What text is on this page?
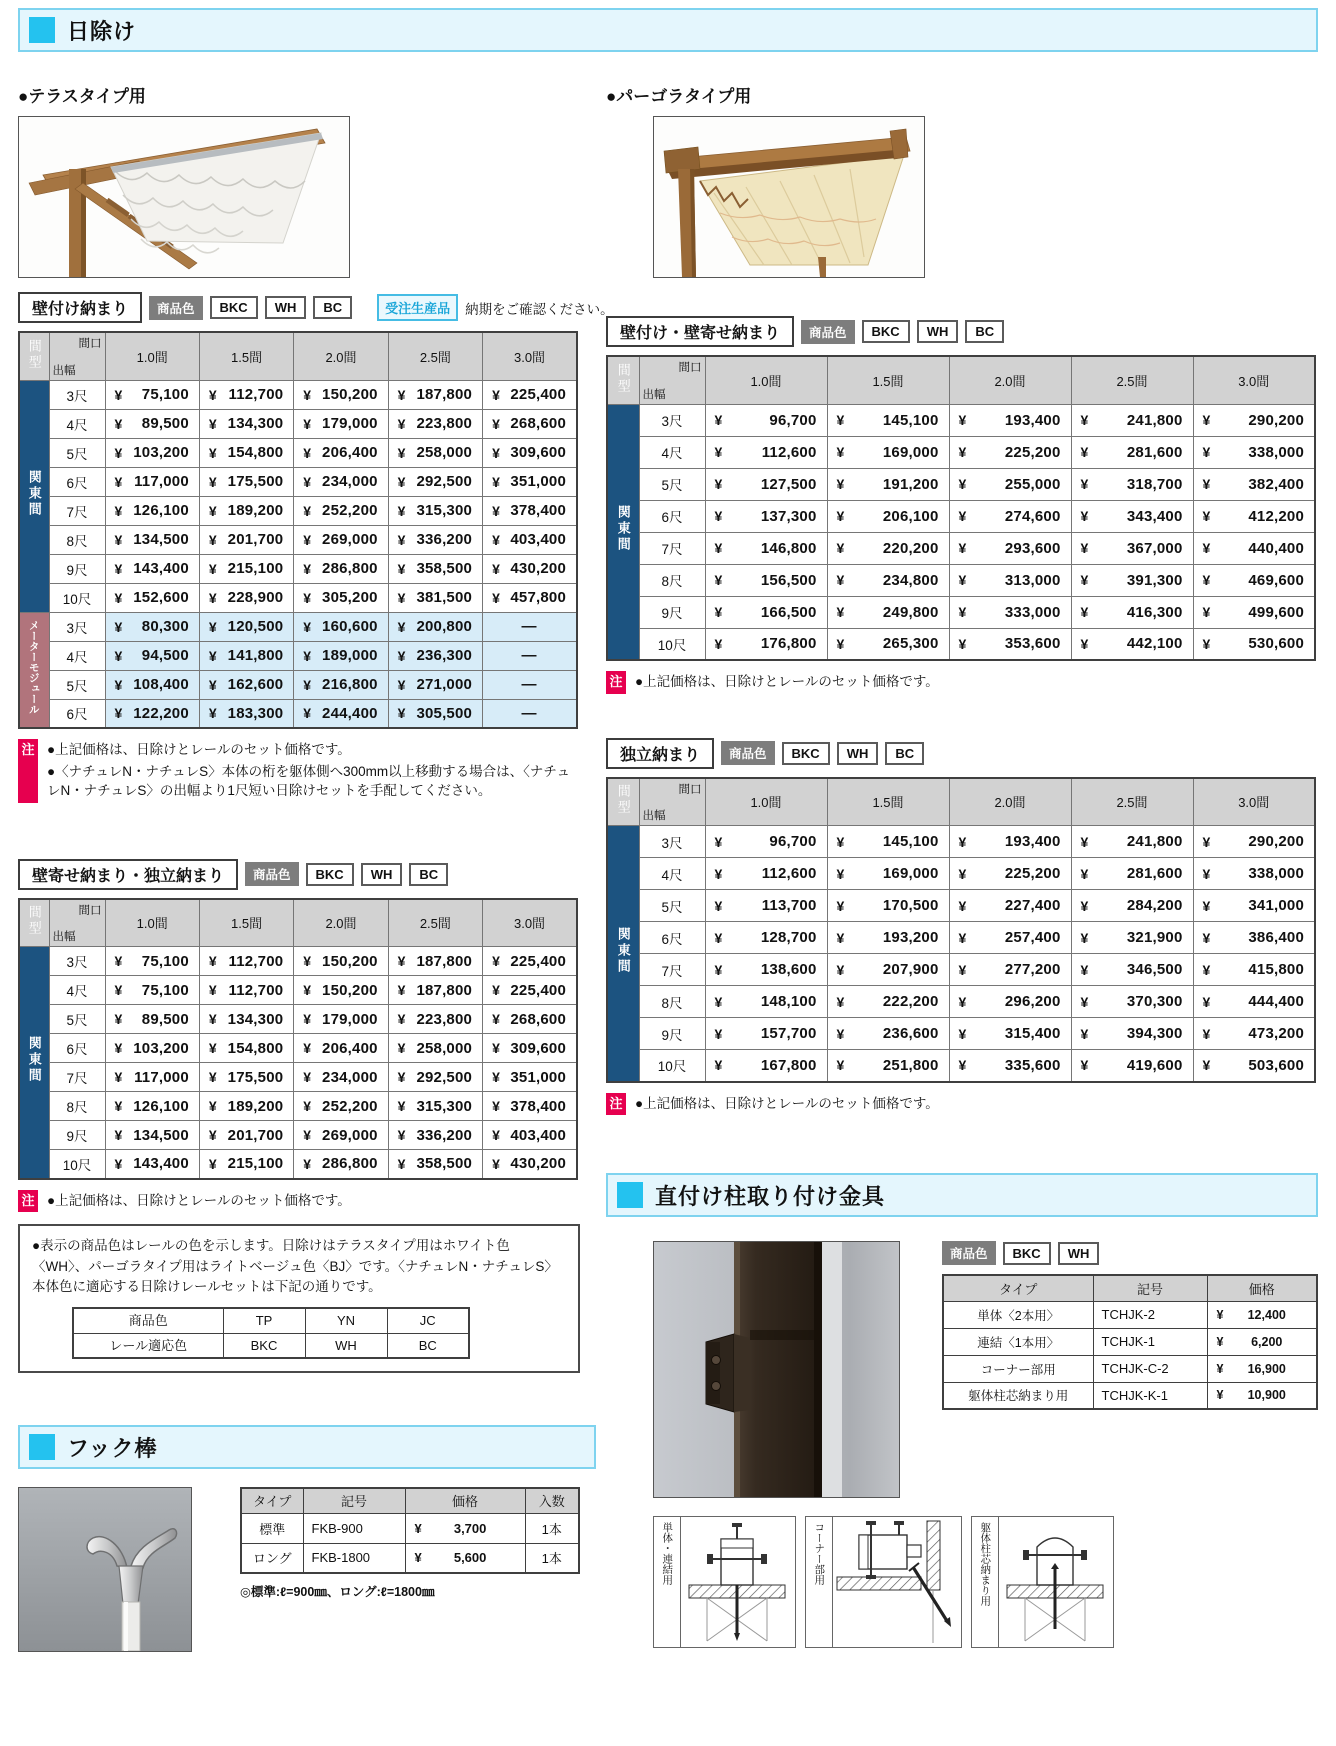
日除け
●テラスタイプ用
壁付け納まり	商品色	BKC	WH	BC	受注生産品	納期をご確認ください。
間型	間口
出幅	1.0間	1.5間	2.0間	2.5間	3.0間
関東間	3尺	¥ 75,100	¥ 112,700	¥ 150,200	¥ 187,800	¥ 225,400

	4尺	¥ 89,500	¥ 134,300	¥ 179,000	¥ 223,800	¥ 268,600

	5尺	¥ 103,200	¥ 154,800	¥ 206,400	¥ 258,000	¥ 309,600

	6尺	¥ 117,000	¥ 175,500	¥ 234,000	¥ 292,500	¥ 351,000

	7尺	¥ 126,100	¥ 189,200	¥ 252,200	¥ 315,300	¥ 378,400

	8尺	¥ 134,500	¥ 201,700	¥ 269,000	¥ 336,200	¥ 403,400

	9尺	¥ 143,400	¥ 215,100	¥ 286,800	¥ 358,500	¥ 430,200

	10尺	¥ 152,600	¥ 228,900	¥ 305,200	¥ 381,500	¥ 457,800

メーターモジュール	3尺	¥ 80,300	¥ 120,500	¥ 160,600	¥ 200,800	—

	4尺	¥ 94,500	¥ 141,800	¥ 189,000	¥ 236,300	—

	5尺	¥ 108,400	¥ 162,600	¥ 216,800	¥ 271,000	—

	6尺	¥ 122,200	¥ 183,300	¥ 244,400	¥ 305,500	—
注 ●上記価格は、日除けとレールのセット価格です。

●〈ナチュレN・ナチュレS〉本体の桁を躯体側へ300mm以上移動する場合は、〈ナチュレN・ナチュレS〉の出幅より1尺短い日除けセットを手配してください。

壁寄せ納まり・独立納まり	商品色	BKC	WH	BC
間型	間口
出幅	1.0間	1.5間	2.0間	2.5間	3.0間
関東間	3尺	¥ 75,100	¥ 112,700	¥ 150,200	¥ 187,800	¥ 225,400

	4尺	¥ 75,100	¥ 112,700	¥ 150,200	¥ 187,800	¥ 225,400

	5尺	¥ 89,500	¥ 134,300	¥ 179,000	¥ 223,800	¥ 268,600

	6尺	¥ 103,200	¥ 154,800	¥ 206,400	¥ 258,000	¥ 309,600

	7尺	¥ 117,000	¥ 175,500	¥ 234,000	¥ 292,500	¥ 351,000

	8尺	¥ 126,100	¥ 189,200	¥ 252,200	¥ 315,300	¥ 378,400

	9尺	¥ 134,500	¥ 201,700	¥ 269,000	¥ 336,200	¥ 403,400

	10尺	¥ 143,400	¥ 215,100	¥ 286,800	¥ 358,500	¥ 430,200
注 ●上記価格は、日除けとレールのセット価格です。

●表示の商品色はレールの色を示します。日除けはテラスタイプ用はホワイト色〈WH〉、パーゴラタイプ用はライトベージュ色〈BJ〉です。〈ナチュレN・ナチュレS〉本体色に適応する日除けレールセットは下記の通りです。
商品色	TP	YN	JC
レール適応色	BKC	WH	BC
フック棒
タイプ	記号	価格	入数
標準	FKB-900	¥ 3,700	1本
ロング	FKB-1800	¥ 5,600	1本
◎標準:ℓ=900㎜、ロング:ℓ=1800㎜
●パーゴラタイプ用
壁付け・壁寄せ納まり	商品色	BKC	WH	BC
間型	間口
出幅	1.0間	1.5間	2.0間	2.5間	3.0間
関東間	3尺	¥ 96,700	¥ 145,100	¥ 193,400	¥ 241,800	¥ 290,200

	4尺	¥ 112,600	¥ 169,000	¥ 225,200	¥ 281,600	¥ 338,000

	5尺	¥ 127,500	¥ 191,200	¥ 255,000	¥ 318,700	¥ 382,400

	6尺	¥ 137,300	¥ 206,100	¥ 274,600	¥ 343,400	¥ 412,200

	7尺	¥ 146,800	¥ 220,200	¥ 293,600	¥ 367,000	¥ 440,400

	8尺	¥ 156,500	¥ 234,800	¥ 313,000	¥ 391,300	¥ 469,600

	9尺	¥ 166,500	¥ 249,800	¥ 333,000	¥ 416,300	¥ 499,600

	10尺	¥ 176,800	¥ 265,300	¥ 353,600	¥ 442,100	¥ 530,600
注 ●上記価格は、日除けとレールのセット価格です。

独立納まり	商品色	BKC	WH	BC
間型	間口
出幅	1.0間	1.5間	2.0間	2.5間	3.0間
関東間	3尺	¥ 96,700	¥ 145,100	¥ 193,400	¥ 241,800	¥ 290,200

	4尺	¥ 112,600	¥ 169,000	¥ 225,200	¥ 281,600	¥ 338,000

	5尺	¥ 113,700	¥ 170,500	¥ 227,400	¥ 284,200	¥ 341,000

	6尺	¥ 128,700	¥ 193,200	¥ 257,400	¥ 321,900	¥ 386,400

	7尺	¥ 138,600	¥ 207,900	¥ 277,200	¥ 346,500	¥ 415,800

	8尺	¥ 148,100	¥ 222,200	¥ 296,200	¥ 370,300	¥ 444,400

	9尺	¥ 157,700	¥ 236,600	¥ 315,400	¥ 394,300	¥ 473,200

	10尺	¥ 167,800	¥ 251,800	¥ 335,600	¥ 419,600	¥ 503,600
注 ●上記価格は、日除けとレールのセット価格です。

直付け柱取り付け金具
商品色	BKC	WH
タイプ	記号	価格
単体〈2本用〉	TCHJK-2	¥ 12,400
連結〈1本用〉	TCHJK-1	¥ 6,200
コーナー部用	TCHJK-C-2	¥ 16,900
躯体柱芯納まり用	TCHJK-K-1	¥ 10,900
単体・連結用	コーナー部用	躯体柱芯納まり用
